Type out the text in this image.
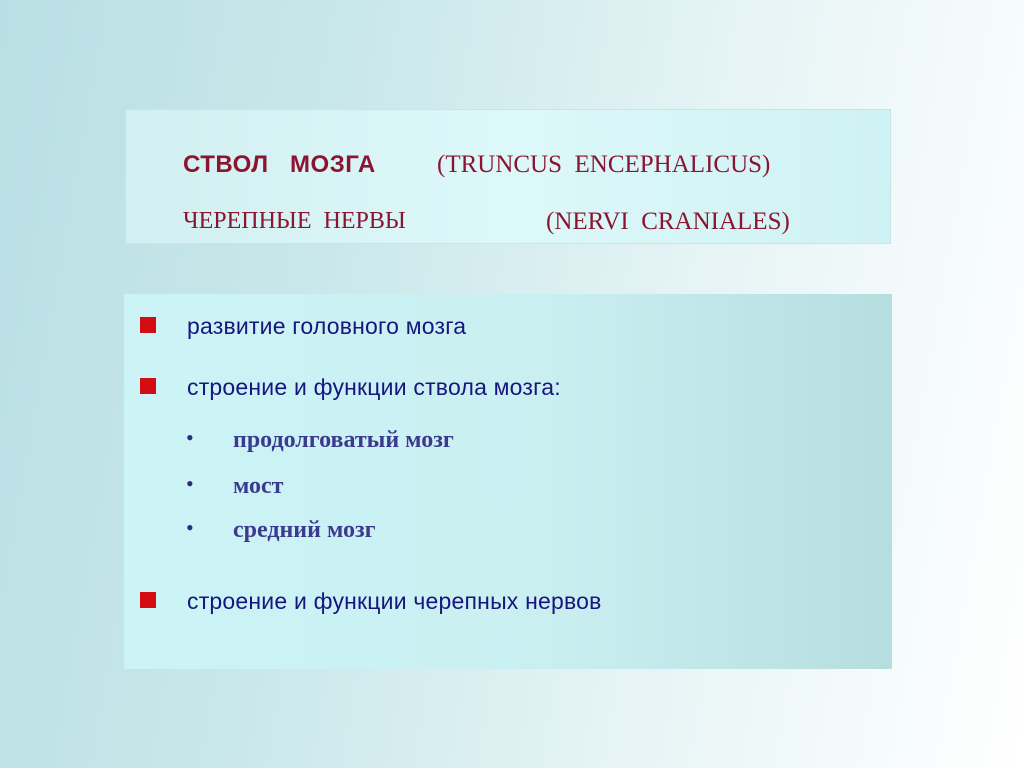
СТВОЛ   МОЗГА (TRUNCUS  ENCEPHALICUS)
ЧЕРЕПНЫЕ  НЕРВЫ	(NERVI  CRANIALES)
развитие головного мозга
строение и функции ствола мозга:
• продолговатый мозг
• мост
• средний мозг
строение и функции черепных нервов
